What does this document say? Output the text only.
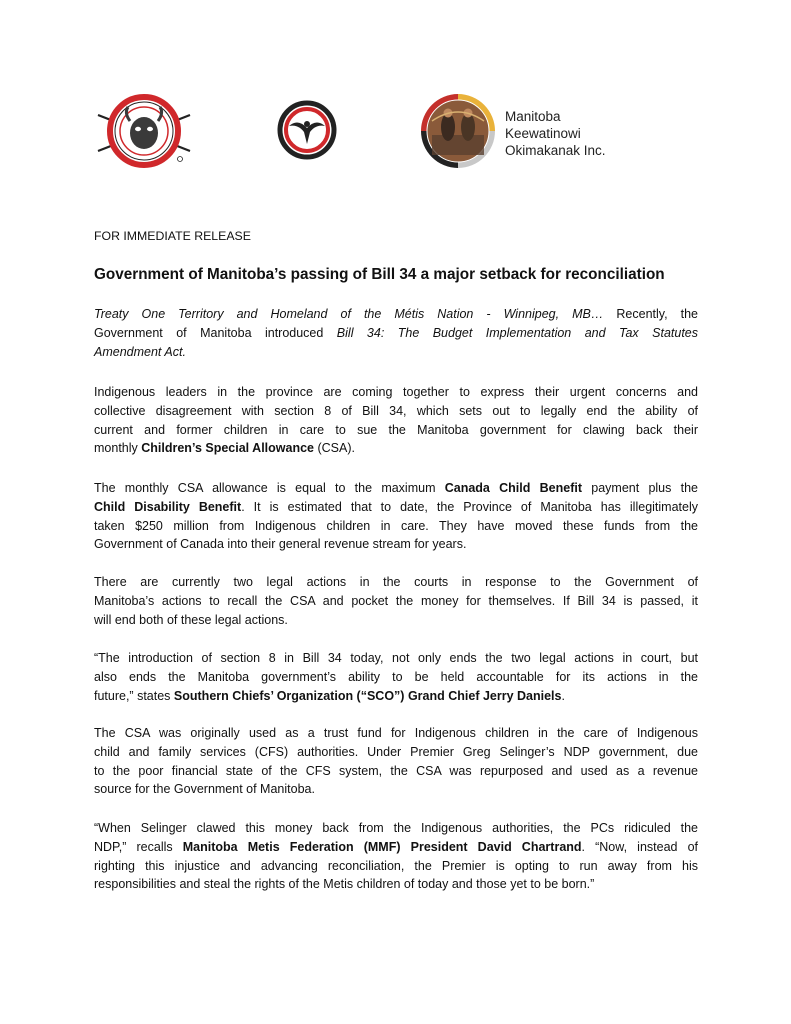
Manitoba
Keewatinowi
Okimakanak Inc.
FOR IMMEDIATE RELEASE
Government of Manitoba’s passing of Bill 34 a major setback for reconciliation
Treaty One Territory and Homeland of the Métis Nation - Winnipeg, MB… Recently, the
Government of Manitoba introduced Bill 34: The Budget Implementation and Tax Statutes
Amendment Act.
Indigenous leaders in the province are coming together to express their urgent concerns and
collective disagreement with section 8 of Bill 34, which sets out to legally end the ability of
current and former children in care to sue the Manitoba government for clawing back their
monthly Children’s Special Allowance (CSA).
The monthly CSA allowance is equal to the maximum Canada Child Benefit payment plus the
Child Disability Benefit. It is estimated that to date, the Province of Manitoba has illegitimately
taken $250 million from Indigenous children in care. They have moved these funds from the
Government of Canada into their general revenue stream for years.
There are currently two legal actions in the courts in response to the Government of
Manitoba’s actions to recall the CSA and pocket the money for themselves. If Bill 34 is passed, it
will end both of these legal actions.
“The introduction of section 8 in Bill 34 today, not only ends the two legal actions in court, but
also ends the Manitoba government’s ability to be held accountable for its actions in the
future,” states Southern Chiefs’ Organization (“SCO”) Grand Chief Jerry Daniels.
The CSA was originally used as a trust fund for Indigenous children in the care of Indigenous
child and family services (CFS) authorities. Under Premier Greg Selinger’s NDP government, due
to the poor financial state of the CFS system, the CSA was repurposed and used as a revenue
source for the Government of Manitoba.
“When Selinger clawed this money back from the Indigenous authorities, the PCs ridiculed the
NDP,” recalls Manitoba Metis Federation (MMF) President David Chartrand. “Now, instead of
righting this injustice and advancing reconciliation, the Premier is opting to run away from his
responsibilities and steal the rights of the Metis children of today and those yet to be born.”
